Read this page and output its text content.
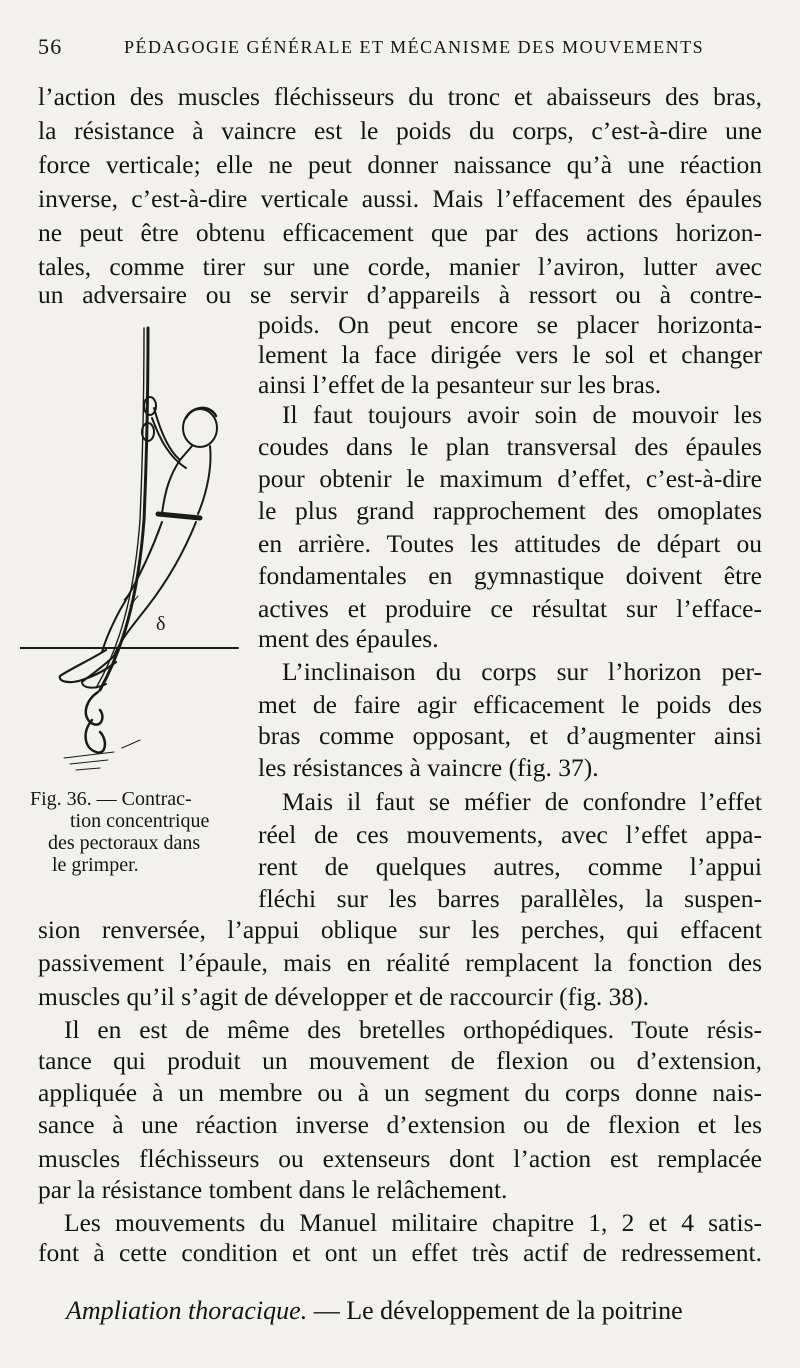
56	PÉDAGOGIE GÉNÉRALE ET MÉCANISME DES MOUVEMENTS
l’action des muscles fléchisseurs du tronc et abaisseurs des bras,
la résistance à vaincre est le poids du corps, c’est-à-dire une
force verticale; elle ne peut donner naissance qu’à une réaction
inverse, c’est-à-dire verticale aussi. Mais l’effacement des épaules
ne peut être obtenu efficacement que par des actions horizon-
tales, comme tirer sur une corde, manier l’aviron, lutter avec
un adversaire ou se servir d’appareils à ressort ou à contre-
poids. On peut encore se placer horizonta-
lement la face dirigée vers le sol et changer
ainsi l’effet de la pesanteur sur les bras.
Il faut toujours avoir soin de mouvoir les
coudes dans le plan transversal des épaules
pour obtenir le maximum d’effet, c’est-à-dire
le plus grand rapprochement des omoplates
en arrière. Toutes les attitudes de départ ou
fondamentales en gymnastique doivent être
actives et produire ce résultat sur l’efface-
ment des épaules.
L’inclinaison du corps sur l’horizon per-
met de faire agir efficacement le poids des
bras comme opposant, et d’augmenter ainsi
les résistances à vaincre (fig. 37).
Mais il faut se méfier de confondre l’effet
réel de ces mouvements, avec l’effet appa-
rent de quelques autres, comme l’appui
fléchi sur les barres parallèles, la suspen-
sion renversée, l’appui oblique sur les perches, qui effacent
passivement l’épaule, mais en réalité remplacent la fonction des
muscles qu’il s’agit de développer et de raccourcir (fig. 38).
Il en est de même des bretelles orthopédiques. Toute résis-
tance qui produit un mouvement de flexion ou d’extension,
appliquée à un membre ou à un segment du corps donne nais-
sance à une réaction inverse d’extension ou de flexion et les
muscles fléchisseurs ou extenseurs dont l’action est remplacée
par la résistance tombent dans le relâchement.
Les mouvements du Manuel militaire chapitre 1, 2 et 4 satis-
font à cette condition et ont un effet très actif de redressement.
δ
Fig. 36. — Contrac-
tion concentrique
des pectoraux dans
le grimper.
Ampliation thoracique. — Le développement de la poitrine
